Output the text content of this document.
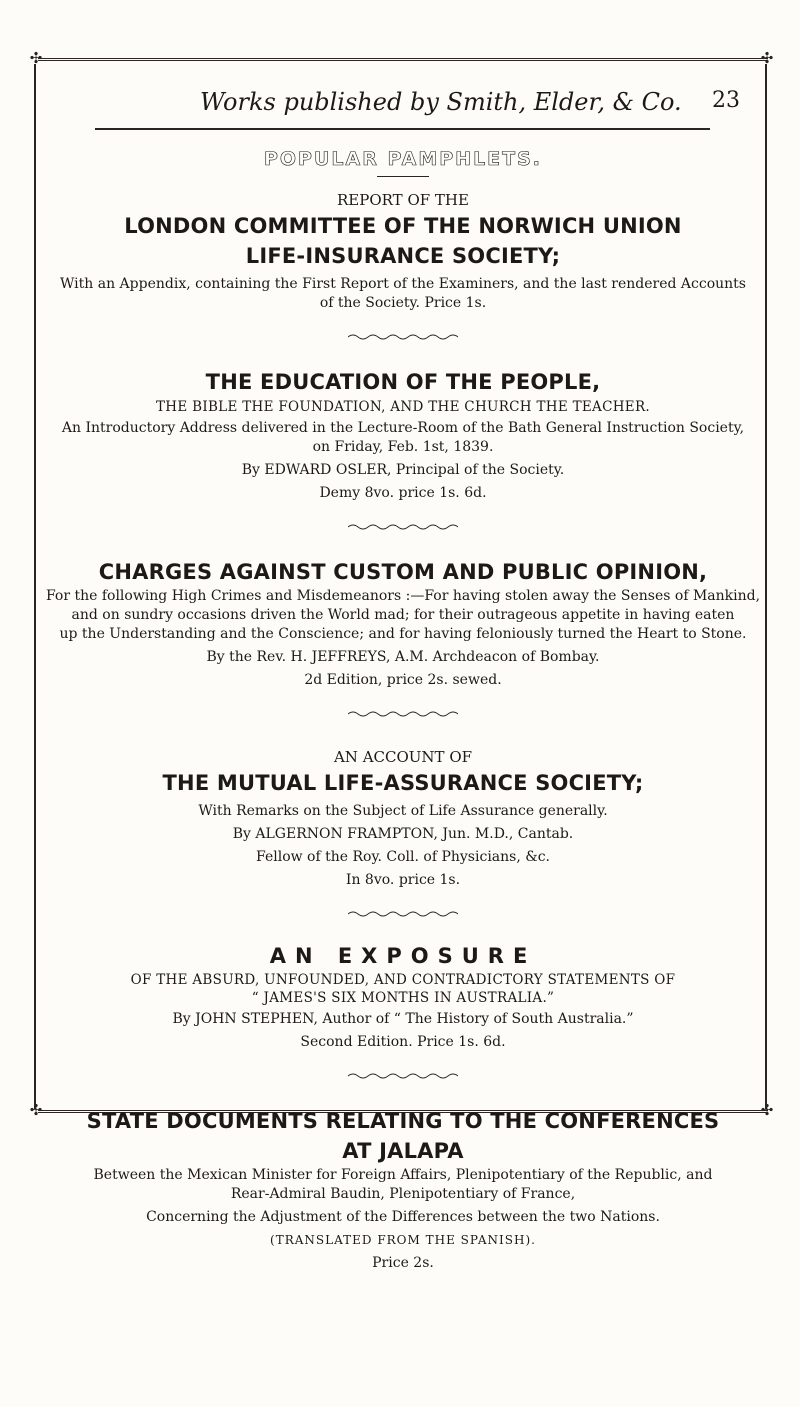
✣	✣
✣	✣
Works published by Smith, Elder, & Co. 23
POPULAR PAMPHLETS.

REPORT OF THE

LONDON COMMITTEE OF THE NORWICH UNION

LIFE-INSURANCE SOCIETY;

With an Appendix, containing the First Report of the Examiners, and the last rendered Accounts

of the Society. Price 1s.

THE EDUCATION OF THE PEOPLE,

THE BIBLE THE FOUNDATION, AND THE CHURCH THE TEACHER.

An Introductory Address delivered in the Lecture-Room of the Bath General Instruction Society,

on Friday, Feb. 1st, 1839.

By EDWARD OSLER, Principal of the Society.

Demy 8vo. price 1s. 6d.

CHARGES AGAINST CUSTOM AND PUBLIC OPINION,

For the following High Crimes and Misdemeanors :—For having stolen away the Senses of Mankind,

and on sundry occasions driven the World mad; for their outrageous appetite in having eaten

up the Understanding and the Conscience; and for having feloniously turned the Heart to Stone.

By the Rev. H. JEFFREYS, A.M. Archdeacon of Bombay.

2d Edition, price 2s. sewed.

AN ACCOUNT OF

THE MUTUAL LIFE-ASSURANCE SOCIETY;

With Remarks on the Subject of Life Assurance generally.

By ALGERNON FRAMPTON, Jun. M.D., Cantab.

Fellow of the Roy. Coll. of Physicians, &c.

In 8vo. price 1s.

AN EXPOSURE

OF THE ABSURD, UNFOUNDED, AND CONTRADICTORY STATEMENTS OF

“ JAMES'S SIX MONTHS IN AUSTRALIA.”

By JOHN STEPHEN, Author of “ The History of South Australia.”

Second Edition. Price 1s. 6d.

STATE DOCUMENTS RELATING TO THE CONFERENCES

AT JALAPA

Between the Mexican Minister for Foreign Affairs, Plenipotentiary of the Republic, and

Rear-Admiral Baudin, Plenipotentiary of France,

Concerning the Adjustment of the Differences between the two Nations.

(TRANSLATED FROM THE SPANISH).

Price 2s.
